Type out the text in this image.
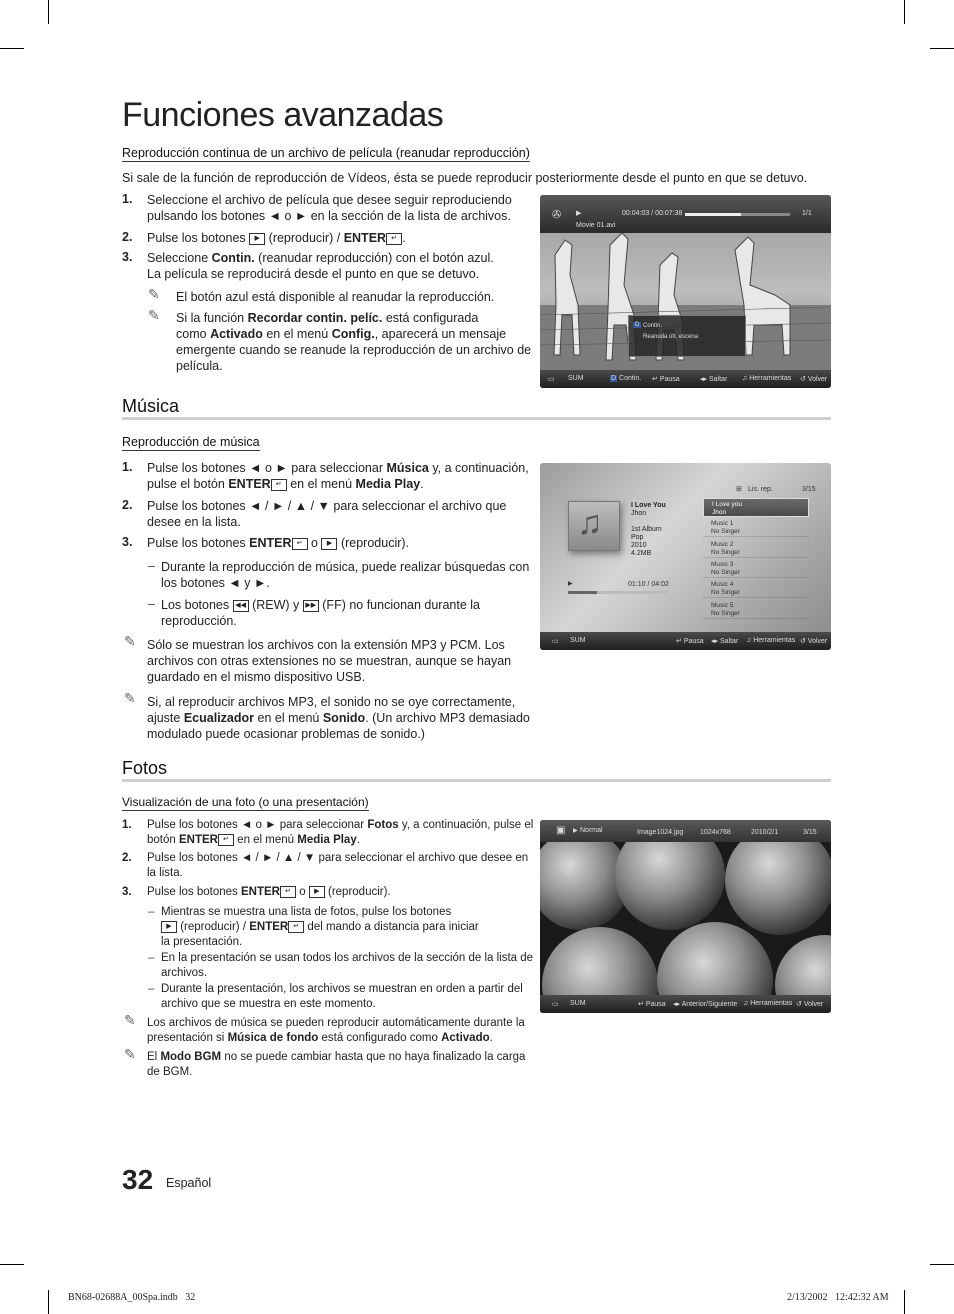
Funciones avanzadas
Reproducción continua de un archivo de película (reanudar reproducción)
Si sale de la función de reproducción de Vídeos, ésta se puede reproducir posteriormente desde el punto en que se detuvo.
1. Seleccione el archivo de película que desee seguir reproduciendo pulsando los botones ◄ o ► en la sección de la lista de archivos.
2. Pulse los botones ▶ (reproducir) / ENTER ↵ .
3. Seleccione Contin. (reanudar reproducción) con el botón azul.
La película se reproducirá desde el punto en que se detuvo.
✎ El botón azul está disponible al reanudar la reproducción.
✎ Si la función Recordar contin. pelíc. está configurada
como Activado en el menú Config., aparecerá un mensaje emergente cuando se reanude la reproducción de un archivo de película.
✇ ▶	00:04:03 / 00:07:38	1/1
Movie 01.avi
D Contin.
Reanuda últ. escena
▭ SUM	D Contin. ↵ Pausa	◂▸ Saltar ♫ Herramientas ↺ Volver
Música
Reproducción de música
1. Pulse los botones ◄ o ► para seleccionar Música y, a continuación,
pulse el botón ENTER ↵ en el menú Media Play.
2. Pulse los botones ◄ / ► / ▲ / ▼ para seleccionar el archivo que desee en la lista.
3. Pulse los botones ENTER ↵ o ▶ (reproducir).
– Durante la reproducción de música, puede realizar búsquedas con los botones ◄ y ►.
– Los botones ◀◀ (REW) y ▶▶ (FF) no funcionan durante la reproducción.
✎ Sólo se muestran los archivos con la extensión MP3 y PCM. Los archivos con otras extensiones no se muestran, aunque se hayan guardado en el mismo dispositivo USB.
✎ Si, al reproducir archivos MP3, el sonido no se oye correctamente,
ajuste Ecualizador en el menú Sonido. (Un archivo MP3 demasiado modulado puede ocasionar problemas de sonido.)
⊞ Lis. rep.	3/15
♫	I Love You
Jhon
1st Album
Pop
2010
4.2MB
▶	01:10 / 04:02
I Love you
Jhon
Music 1
No Singer
Music 2
No Singer
Music 3
No Singer
Music 4
No Singer
Music 5
No Singer
▭ SUM	↵ Pausa ◂▸ Saltar ♫ Herramientas ↺ Volver
Fotos
Visualización de una foto (o una presentación)
1. Pulse los botones ◄ o ► para seleccionar Fotos y, a continuación, pulse el
botón ENTER ↵ en el menú Media Play.
2. Pulse los botones ◄ / ► / ▲ / ▼ para seleccionar el archivo que desee en la lista.
3. Pulse los botones ENTER ↵ o ▶ (reproducir).
– Mientras se muestra una lista de fotos, pulse los botones
▶ (reproducir) / ENTER ↵ del mando a distancia para iniciar
la presentación.
– En la presentación se usan todos los archivos de la sección de la lista de archivos.
– Durante la presentación, los archivos se muestran en orden a partir del archivo que se muestra en este momento.
✎ Los archivos de música se pueden reproducir automáticamente durante la
presentación si Música de fondo está configurado como Activado.
✎ El Modo BGM no se puede cambiar hasta que no haya finalizado la carga
de BGM.
▣ ▶ Normal	Image1024.jpg 1024x768	2010/2/1	3/15
▭ SUM	↵ Pausa ◂▸ Anterior/Siguiente ♫ Herramientas ↺ Volver
32 Español
BN68-02688A_00Spa.indb   32	2/13/2002   12:42:32 AM
